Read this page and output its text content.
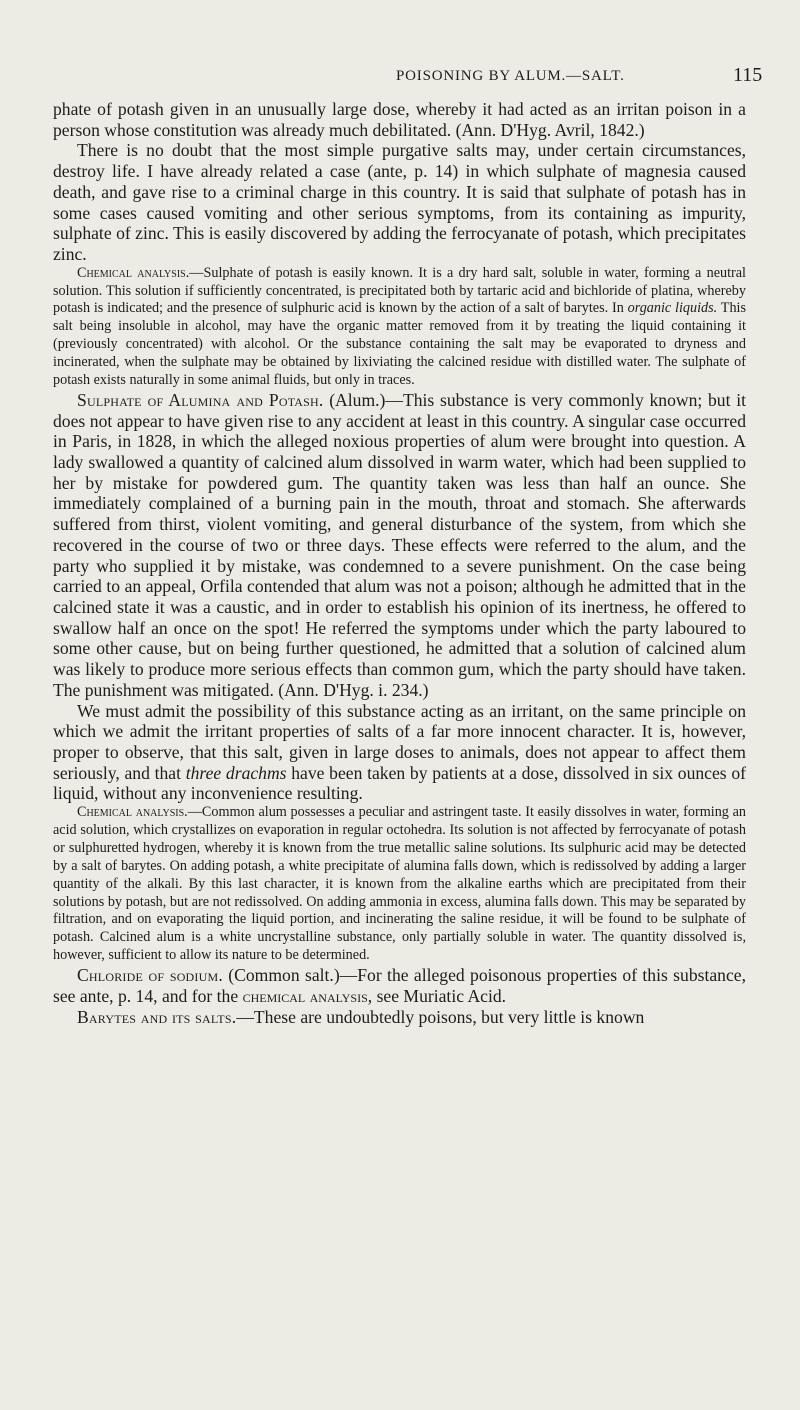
POISONING BY ALUM.—SALT.	115

phate of potash given in an unusually large dose, whereby it had acted as an irritan poison in a person whose constitution was already much debilitated. (Ann. D'Hyg. Avril, 1842.)

There is no doubt that the most simple purgative salts may, under certain circumstances, destroy life. I have already related a case (ante, p. 14) in which sulphate of magnesia caused death, and gave rise to a criminal charge in this country. It is said that sulphate of potash has in some cases caused vomiting and other serious symptoms, from its containing as impurity, sulphate of zinc. This is easily discovered by adding the ferrocyanate of potash, which precipitates zinc.

Chemical analysis.—Sulphate of potash is easily known. It is a dry hard salt, soluble in water, forming a neutral solution. This solution if sufficiently concentrated, is precipitated both by tartaric acid and bichloride of platina, whereby potash is indicated; and the presence of sulphuric acid is known by the action of a salt of barytes. In organic liquids. This salt being insoluble in alcohol, may have the organic matter removed from it by treating the liquid containing it (previously concentrated) with alcohol. Or the substance containing the salt may be evaporated to dryness and incinerated, when the sulphate may be obtained by lixiviating the calcined residue with distilled water. The sulphate of potash exists naturally in some animal fluids, but only in traces.

Sulphate of Alumina and Potash. (Alum.)—This substance is very commonly known; but it does not appear to have given rise to any accident at least in this country. A singular case occurred in Paris, in 1828, in which the alleged noxious properties of alum were brought into question. A lady swallowed a quantity of calcined alum dissolved in warm water, which had been supplied to her by mistake for powdered gum. The quantity taken was less than half an ounce. She immediately complained of a burning pain in the mouth, throat and stomach. She afterwards suffered from thirst, violent vomiting, and general disturbance of the system, from which she recovered in the course of two or three days. These effects were referred to the alum, and the party who supplied it by mistake, was condemned to a severe punishment. On the case being carried to an appeal, Orfila contended that alum was not a poison; although he admitted that in the calcined state it was a caustic, and in order to establish his opinion of its inertness, he offered to swallow half an once on the spot! He referred the symptoms under which the party laboured to some other cause, but on being further questioned, he admitted that a solution of calcined alum was likely to produce more serious effects than common gum, which the party should have taken. The punishment was mitigated. (Ann. D'Hyg. i. 234.)

We must admit the possibility of this substance acting as an irritant, on the same principle on which we admit the irritant properties of salts of a far more innocent character. It is, however, proper to observe, that this salt, given in large doses to animals, does not appear to affect them seriously, and that three drachms have been taken by patients at a dose, dissolved in six ounces of liquid, without any inconvenience resulting.

Chemical analysis.—Common alum possesses a peculiar and astringent taste. It easily dissolves in water, forming an acid solution, which crystallizes on evaporation in regular octohedra. Its solution is not affected by ferrocyanate of potash or sulphuretted hydrogen, whereby it is known from the true metallic saline solutions. Its sulphuric acid may be detected by a salt of barytes. On adding potash, a white precipitate of alumina falls down, which is redissolved by adding a larger quantity of the alkali. By this last character, it is known from the alkaline earths which are precipitated from their solutions by potash, but are not redissolved. On adding ammonia in excess, alumina falls down. This may be separated by filtration, and on evaporating the liquid portion, and incinerating the saline residue, it will be found to be sulphate of potash. Calcined alum is a white uncrystalline substance, only partially soluble in water. The quantity dissolved is, however, sufficient to allow its nature to be determined.

Chloride of sodium. (Common salt.)—For the alleged poisonous properties of this substance, see ante, p. 14, and for the chemical analysis, see Muriatic Acid.

Barytes and its salts.—These are undoubtedly poisons, but very little is known
